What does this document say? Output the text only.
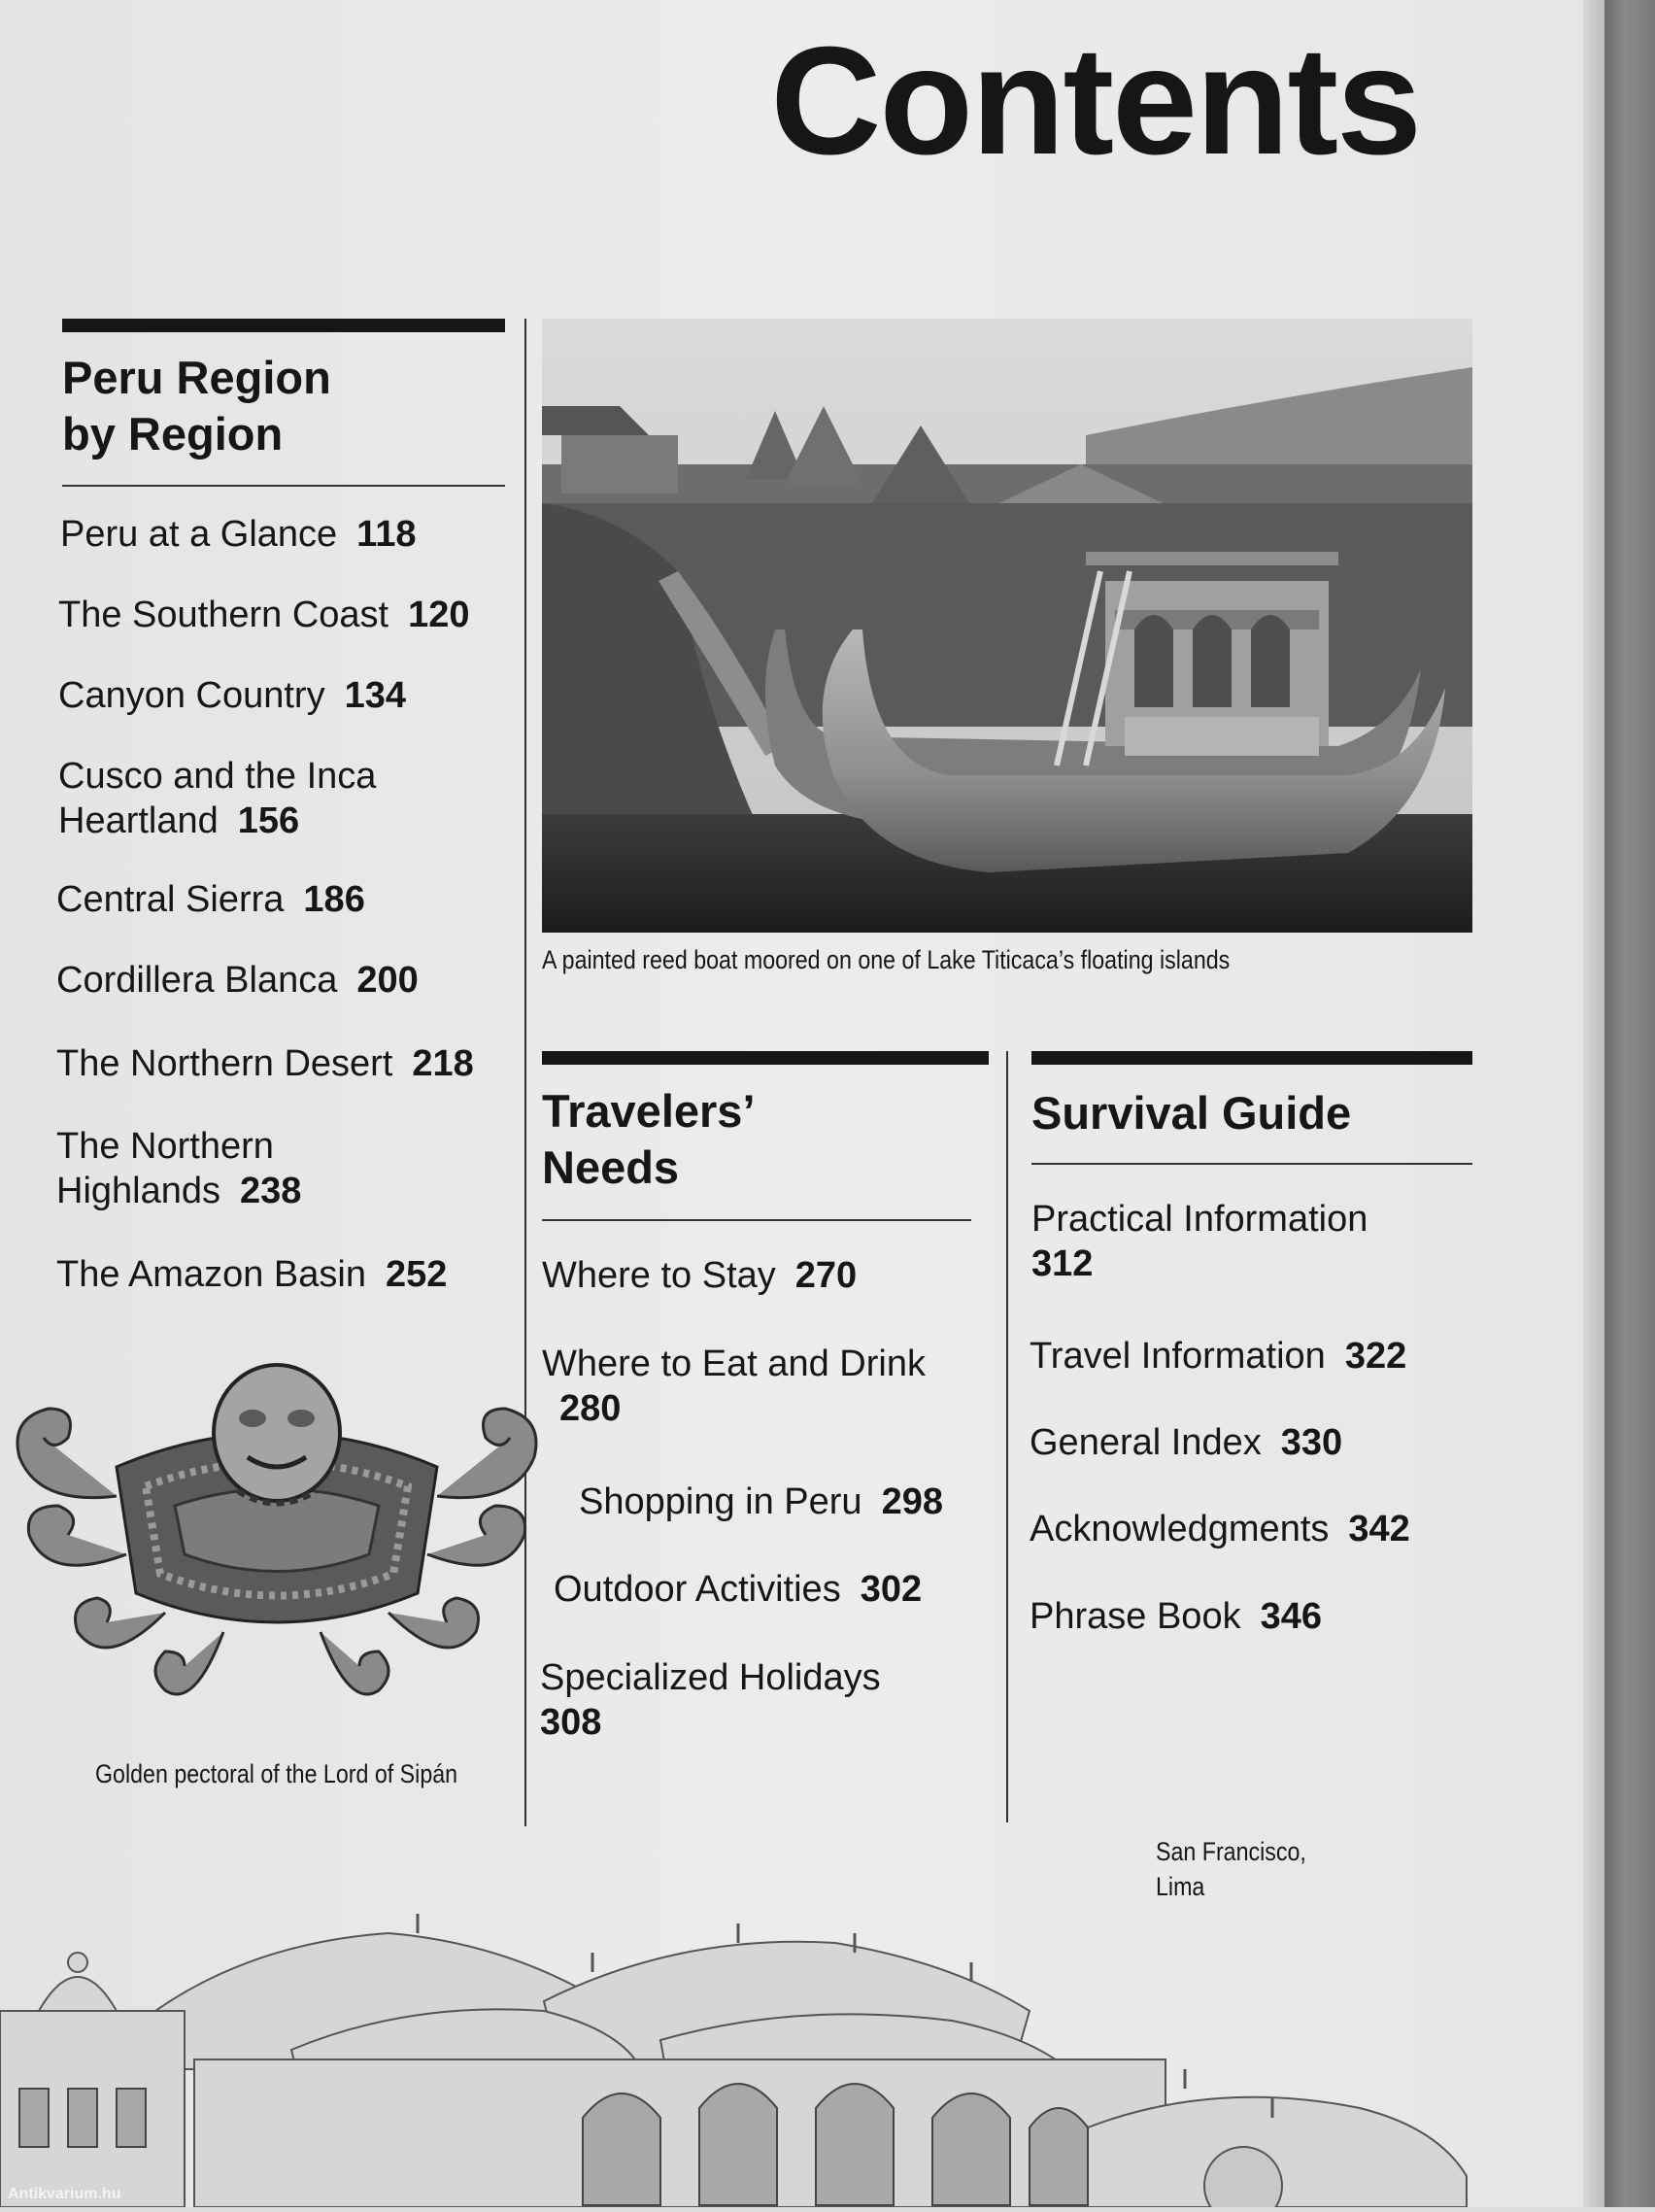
Contents
Peru Region
by Region
Peru at a Glance 118
The Southern Coast 120
Canyon Country 134
Cusco and the Inca
Heartland 156
Central Sierra 186
Cordillera Blanca 200
The Northern Desert 218
The Northern
Highlands 238
The Amazon Basin 252
A painted reed boat moored on one of Lake Titicaca’s floating islands
Travelers’
Needs
Where to Stay 270
Where to Eat and Drink
280
Shopping in Peru 298
Outdoor Activities 302
Specialized Holidays
308
Survival Guide
Practical Information
312
Travel Information 322
General Index 330
Acknowledgments 342
Phrase Book 346
Golden pectoral of the Lord of Sipán
San Francisco,
Lima
Antikvarium.hu
